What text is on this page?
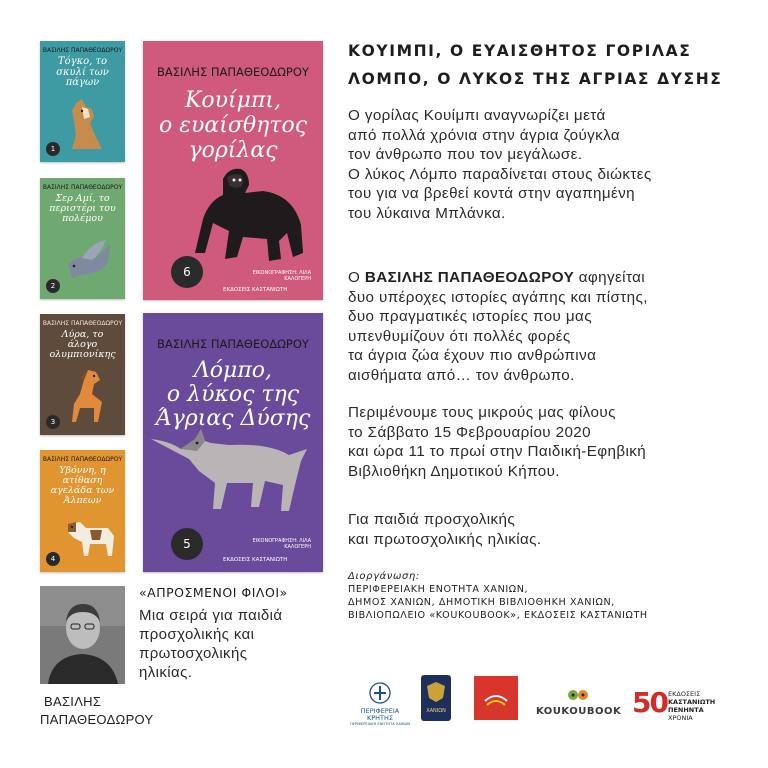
ΒΑΣΙΛΗΣ ΠΑΠΑΘΕΟΔΩΡΟΥ
Τόγκο, το σκυλί των πάγων
1
ΒΑΣΙΛΗΣ ΠΑΠΑΘΕΟΔΩΡΟΥ
Σερ Αμί, το περιστέρι του πολέμου
2
ΒΑΣΙΛΗΣ ΠΑΠΑΘΕΟΔΩΡΟΥ
Λύρα, το άλογο ολυμπιονίκης
3
ΒΑΣΙΛΗΣ ΠΑΠΑΘΕΟΔΩΡΟΥ
Υβόννη, η ατίθαση αγελάδα των Άλπεων
4
ΒΑΣΙΛΗΣ ΠΑΠΑΘΕΟΔΩΡΟΥ
Κουίμπι,
ο ευαίσθητος
γορίλας
6	ΕΙΚΟΝΟΓΡΑΦΗΣΗ: ΛΙΛΑ ΚΑΛΟΓΕΡΗ
ΕΚΔΟΣΕΙΣ ΚΑΣΤΑΝΙΩΤΗ
ΒΑΣΙΛΗΣ ΠΑΠΑΘΕΟΔΩΡΟΥ
Λόμπο,
ο λύκος της
Άγριας Δύσης
5	ΕΙΚΟΝΟΓΡΑΦΗΣΗ: ΛΙΛΑ ΚΑΛΟΓΕΡΗ
ΕΚΔΟΣΕΙΣ ΚΑΣΤΑΝΙΩΤΗ
ΒΑΣΙΛΗΣ
ΠΑΠΑΘΕΟΔΩΡΟΥ
«ΑΠΡΟΣΜΕΝΟΙ ΦΙΛΟΙ»
Μια σειρά για παιδιά
προσχολικής και
πρωτοσχολικής
ηλικίας.
ΚΟΥΙΜΠΙ, Ο ΕΥΑΙΣΘΗΤΟΣ ΓΟΡΙΛΑΣ
ΛΟΜΠΟ, Ο ΛΥΚΟΣ ΤΗΣ ΑΓΡΙΑΣ ΔΥΣΗΣ
Ο γορίλας Κουίμπι αναγνωρίζει μετά
από πολλά χρόνια στην άγρια ζούγκλα
τον άνθρωπο που τον μεγάλωσε.
Ο λύκος Λόμπο παραδίνεται στους διώκτες
του για να βρεθεί κοντά στην αγαπημένη
του λύκαινα Μπλάνκα.
Ο ΒΑΣΙΛΗΣ ΠΑΠΑΘΕΟΔΩΡΟΥ αφηγείται
δυο υπέροχες ιστορίες αγάπης και πίστης,
δυο πραγματικές ιστορίες που μας
υπενθυμίζουν ότι πολλές φορές
τα άγρια ζώα έχουν πιο ανθρώπινα
αισθήματα από… τον άνθρωπο.
Περιμένουμε τους μικρούς μας φίλους
το Σάββατο 15 Φεβρουαρίου 2020
και ώρα 11 το πρωί στην Παιδική-Εφηβική
Βιβλιοθήκη Δημοτικού Κήπου.
Για παιδιά προσχολικής
και πρωτοσχολικής ηλικίας.
Διοργάνωση:
ΠΕΡΙΦΕΡΕΙΑΚΗ ΕΝΟΤΗΤΑ ΧΑΝΙΩΝ,
ΔΗΜΟΣ ΧΑΝΙΩΝ, ΔΗΜΟΤΙΚΗ ΒΙΒΛΙΟΘΗΚΗ ΧΑΝΙΩΝ,
ΒΙΒΛΙΟΠΩΛΕΙΟ «KOUKOUBOOK», ΕΚΔΟΣΕΙΣ ΚΑΣΤΑΝΙΩΤΗ
ΠΕΡΙΦΕΡΕΙΑ
ΚΡΗΤΗΣ
ΠΕΡΙΦΕΡΕΙΑΚΗ ΕΝΟΤΗΤΑ ΧΑΝΙΩΝ
ΧΑΝΙΩΝ	KOUKOUBOOK 50 ΕΚΔΟΣΕΙΣ
ΚΑΣΤΑΝΙΩΤΗ
ΠΕΝΗΝΤΑ
ΧΡΟΝΙΑ
